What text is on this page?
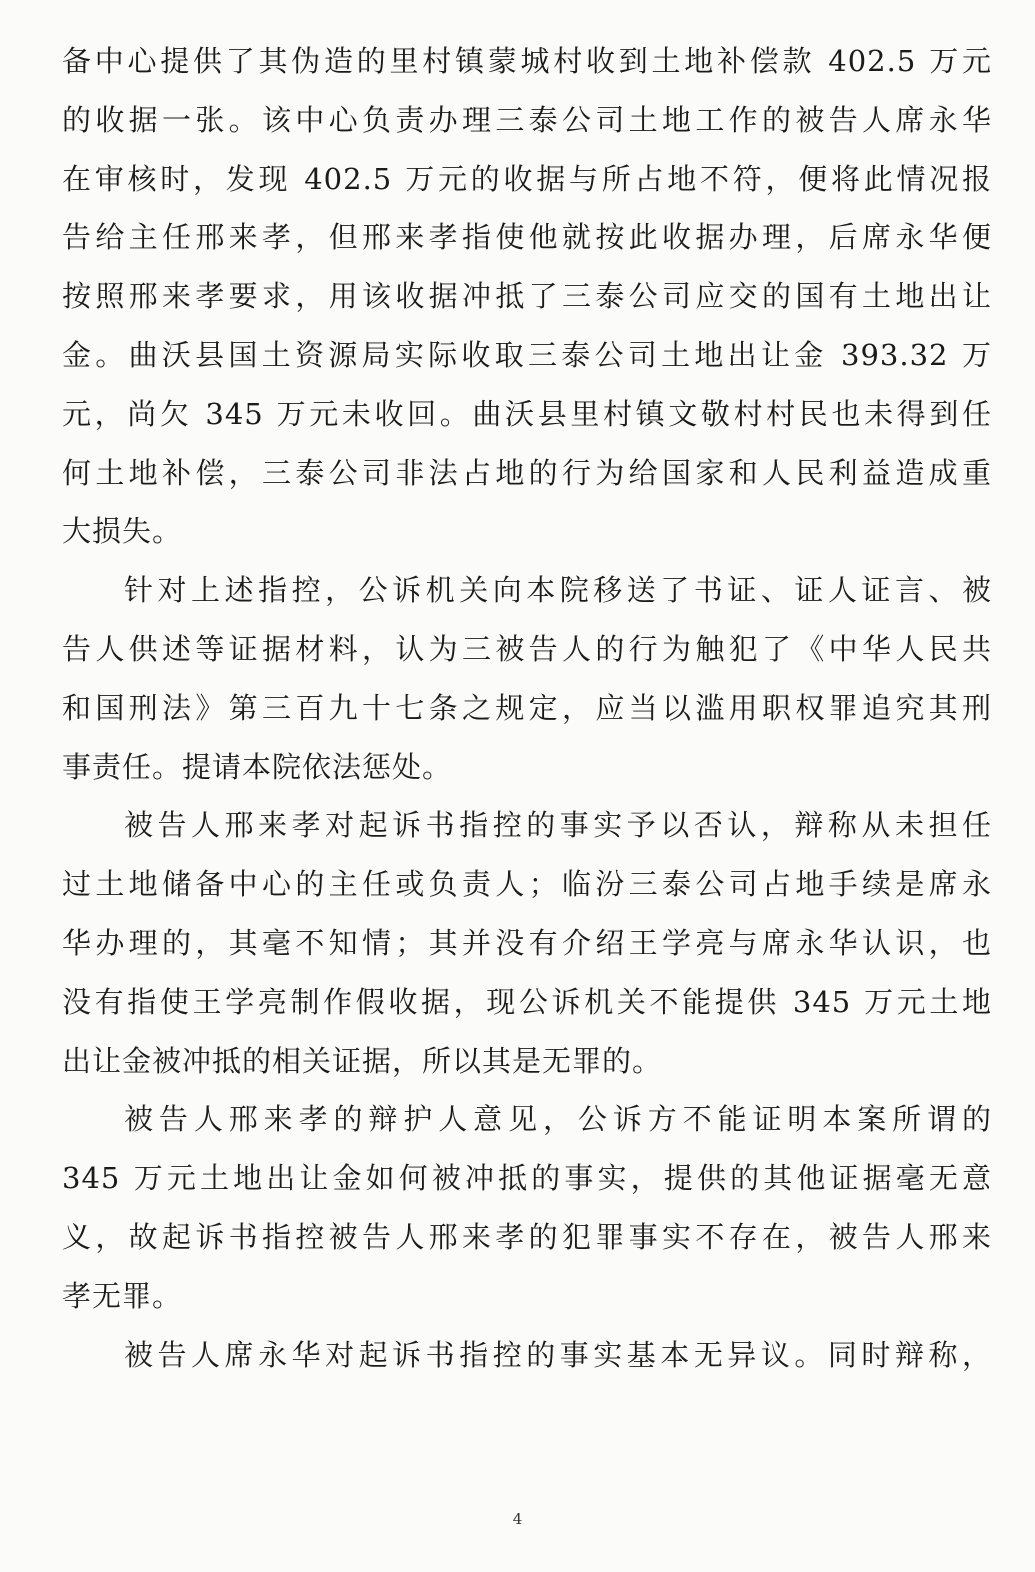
备中心提供了其伪造的里村镇蒙城村收到土地补偿款 402.5 万元
的收据一张。该中心负责办理三泰公司土地工作的被告人席永华
在审核时，发现 402.5 万元的收据与所占地不符，便将此情况报
告给主任邢来孝，但邢来孝指使他就按此收据办理，后席永华便
按照邢来孝要求，用该收据冲抵了三泰公司应交的国有土地出让
金。曲沃县国土资源局实际收取三泰公司土地出让金 393.32 万
元，尚欠 345 万元未收回。曲沃县里村镇文敬村村民也未得到任
何土地补偿，三泰公司非法占地的行为给国家和人民利益造成重
大损失。
针对上述指控，公诉机关向本院移送了书证、证人证言、被
告人供述等证据材料，认为三被告人的行为触犯了《中华人民共
和国刑法》第三百九十七条之规定，应当以滥用职权罪追究其刑
事责任。提请本院依法惩处。
被告人邢来孝对起诉书指控的事实予以否认，辩称从未担任
过土地储备中心的主任或负责人；临汾三泰公司占地手续是席永
华办理的，其毫不知情；其并没有介绍王学亮与席永华认识，也
没有指使王学亮制作假收据，现公诉机关不能提供 345 万元土地
出让金被冲抵的相关证据，所以其是无罪的。
被告人邢来孝的辩护人意见，公诉方不能证明本案所谓的
345 万元土地出让金如何被冲抵的事实，提供的其他证据毫无意
义，故起诉书指控被告人邢来孝的犯罪事实不存在，被告人邢来
孝无罪。
被告人席永华对起诉书指控的事实基本无异议。同时辩称，
4
